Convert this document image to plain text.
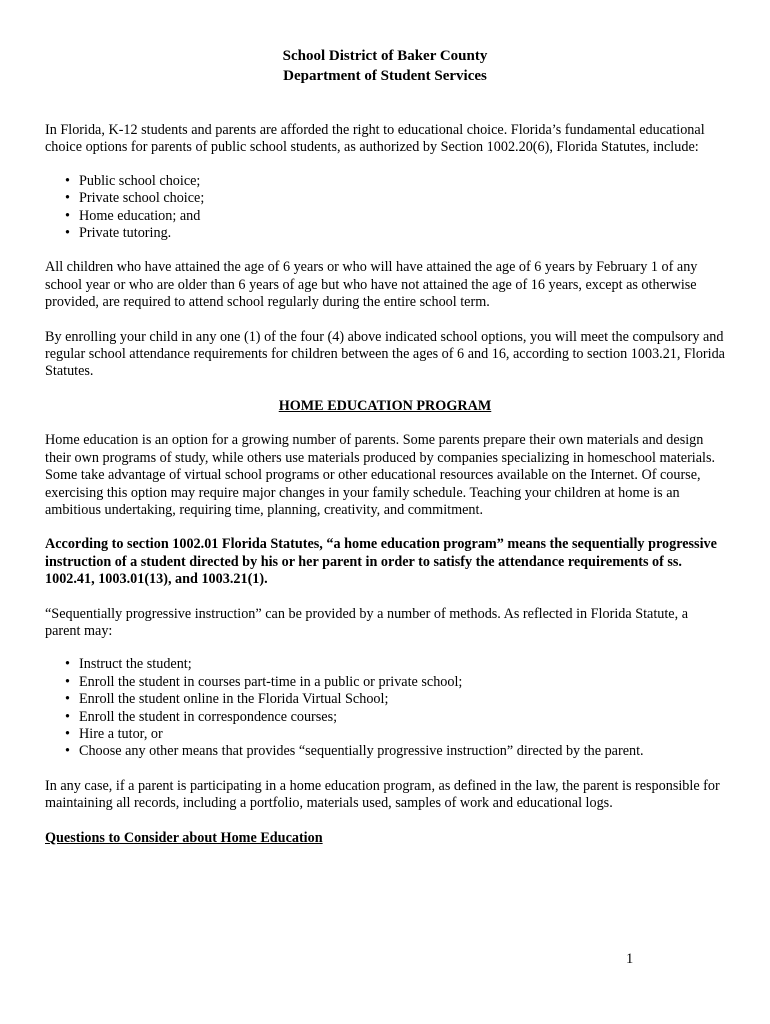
School District of Baker County

Department of Student Services

In Florida, K-12 students and parents are afforded the right to educational choice. Florida’s fundamental educational choice options for parents of public school students, as authorized by Section 1002.20(6), Florida Statutes, include:

• Public school choice;
• Private school choice;
• Home education; and
• Private tutoring.

All children who have attained the age of 6 years or who will have attained the age of 6 years by February 1 of any school year or who are older than 6 years of age but who have not attained the age of 16 years, except as otherwise provided, are required to attend school regularly during the entire school term.

By enrolling your child in any one (1) of the four (4) above indicated school options, you will meet the compulsory and regular school attendance requirements for children between the ages of 6 and 16, according to section 1003.21, Florida Statutes.

HOME EDUCATION PROGRAM

Home education is an option for a growing number of parents. Some parents prepare their own materials and design their own programs of study, while others use materials produced by companies specializing in homeschool materials. Some take advantage of virtual school programs or other educational resources available on the Internet. Of course, exercising this option may require major changes in your family schedule. Teaching your children at home is an ambitious undertaking, requiring time, planning, creativity, and commitment.

According to section 1002.01 Florida Statutes, “a home education program” means the sequentially progressive instruction of a student directed by his or her parent in order to satisfy the attendance requirements of ss. 1002.41, 1003.01(13), and 1003.21(1).

“Sequentially progressive instruction” can be provided by a number of methods. As reflected in Florida Statute, a parent may:

• Instruct the student;
• Enroll the student in courses part-time in a public or private school;
• Enroll the student online in the Florida Virtual School;
• Enroll the student in correspondence courses;
• Hire a tutor, or
• Choose any other means that provides “sequentially progressive instruction” directed by the parent.

In any case, if a parent is participating in a home education program, as defined in the law, the parent is responsible for maintaining all records, including a portfolio, materials used, samples of work and educational logs.

Questions to Consider about Home Education

1
